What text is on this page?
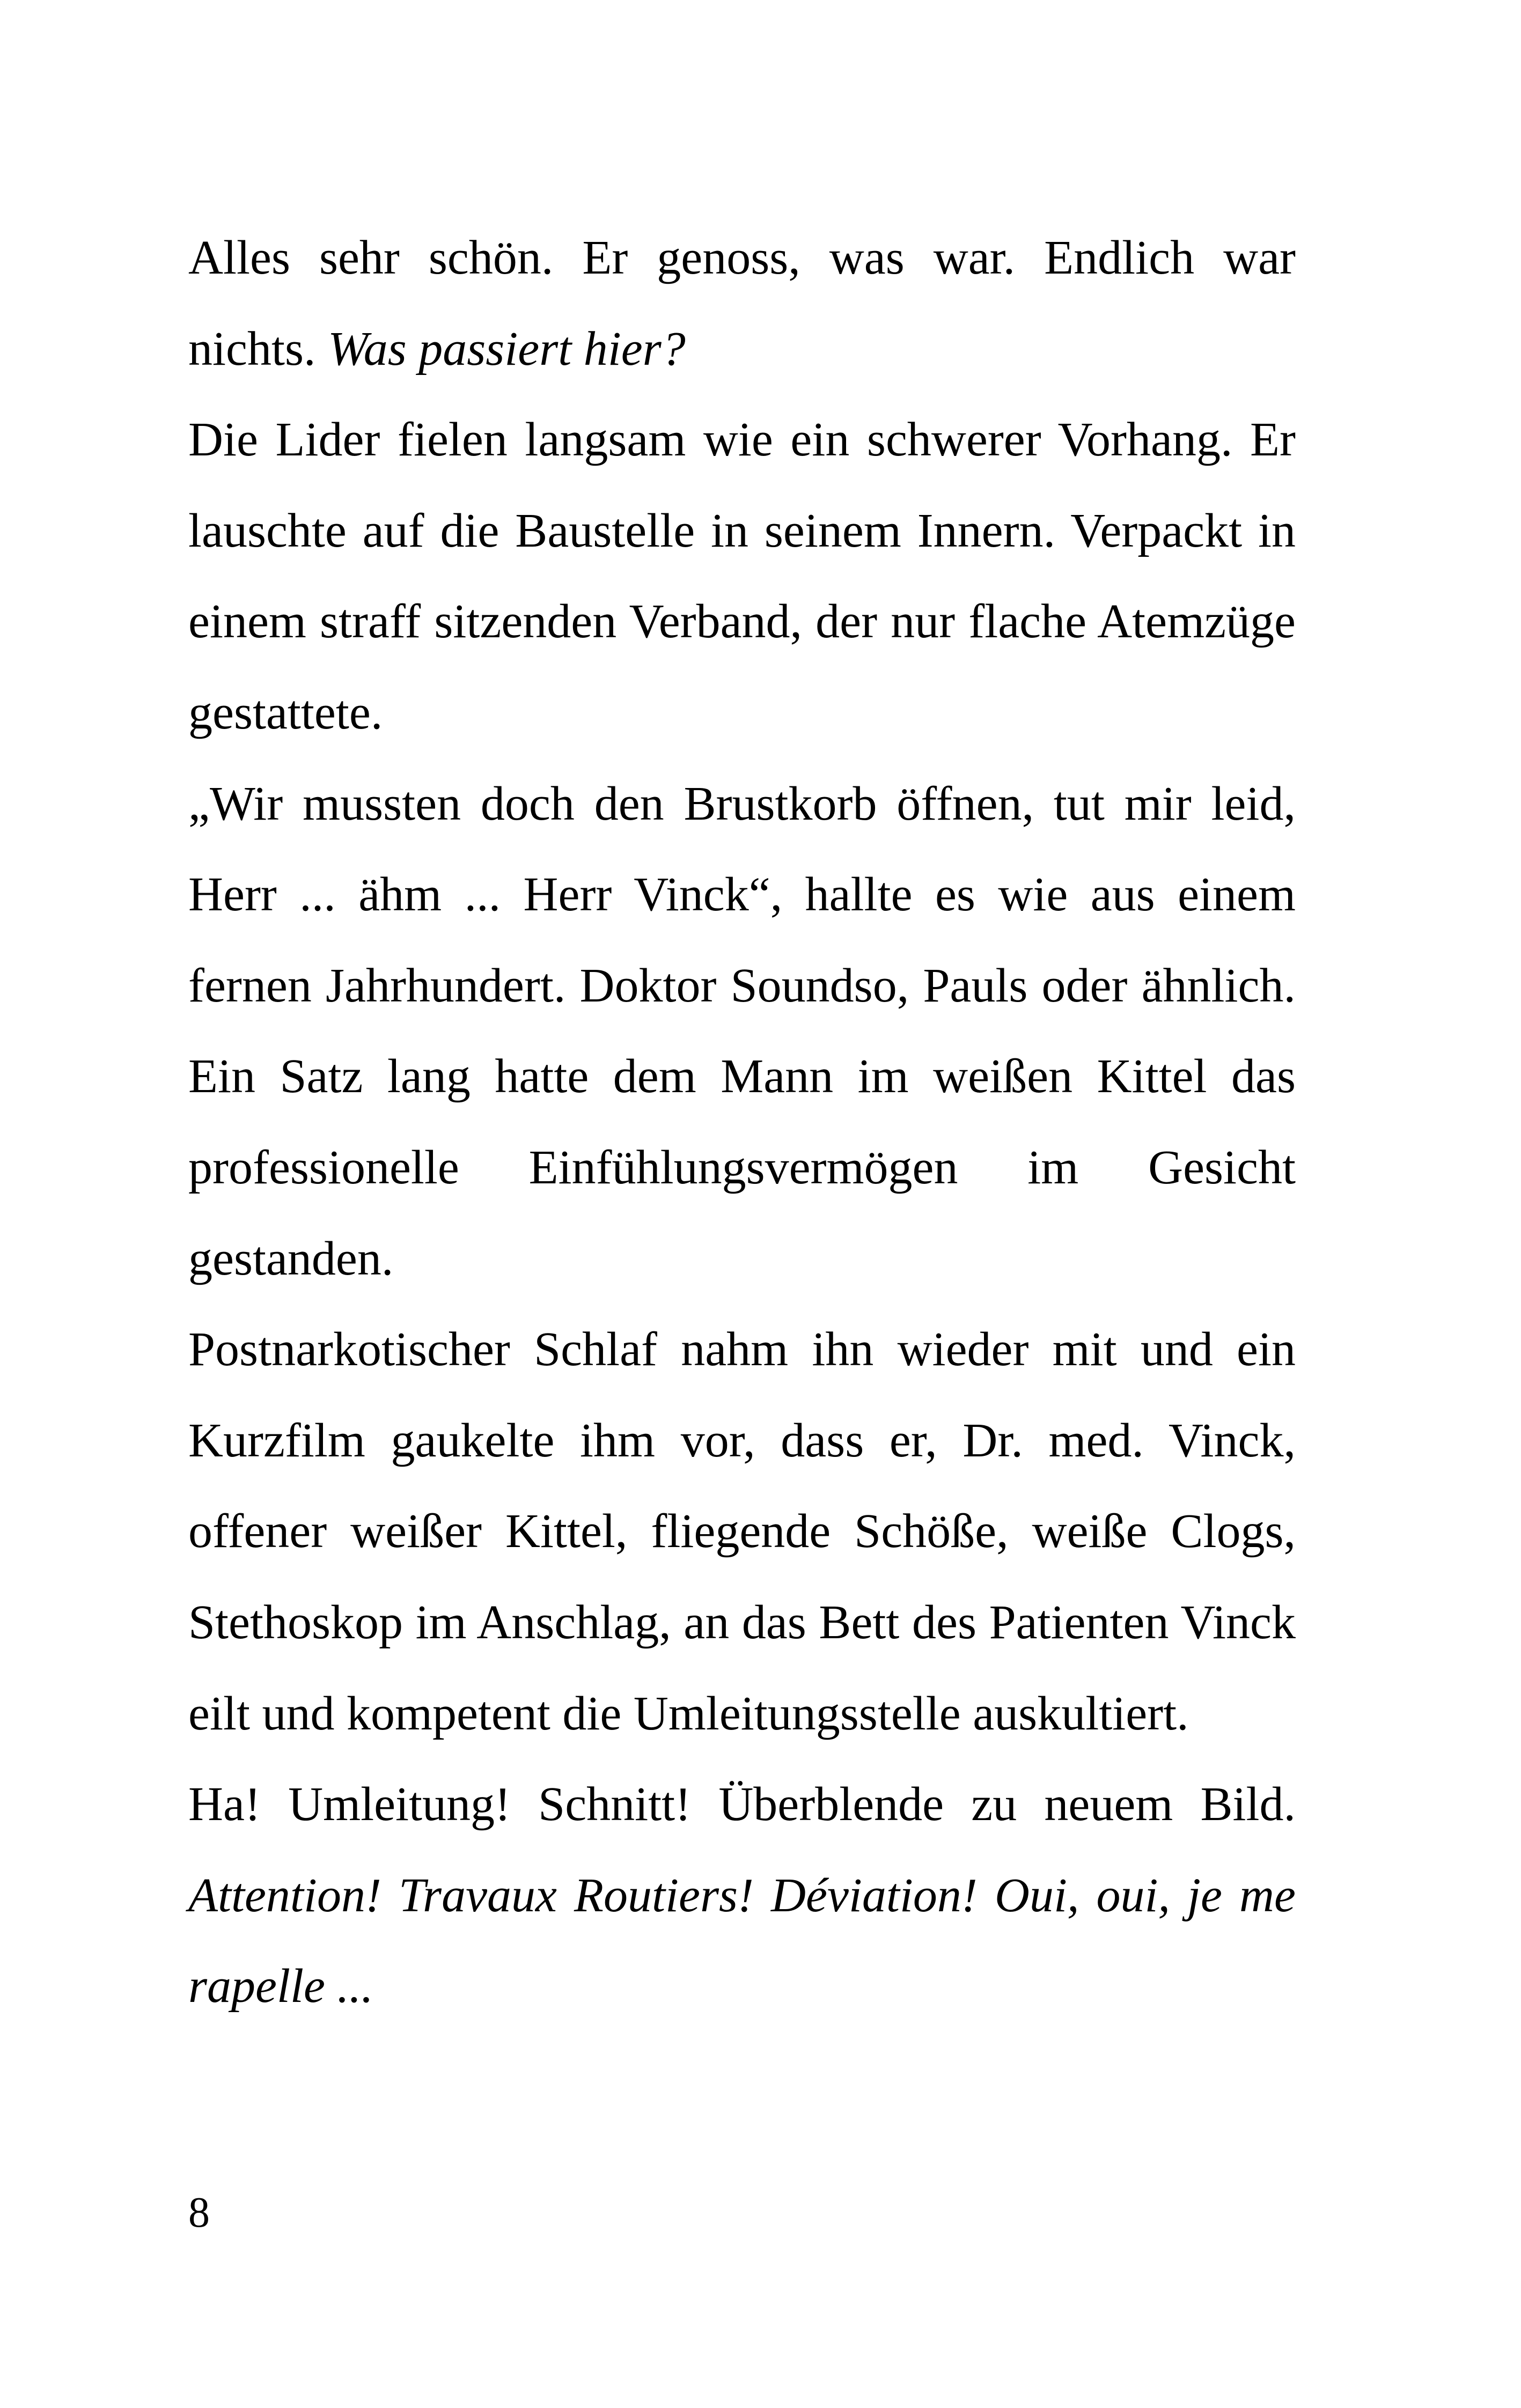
Alles sehr schön. Er genoss, was war. Endlich war nichts. Was passiert hier?

Die Lider fielen langsam wie ein schwerer Vorhang. Er lauschte auf die Baustelle in seinem Innern. Verpackt in einem straff sitzenden Verband, der nur flache Atemzüge gestattete.

„Wir mussten doch den Brustkorb öffnen, tut mir leid, Herr ... ähm ... Herr Vinck“, hallte es wie aus einem fernen Jahrhundert. Doktor Soundso, Pauls oder ähnlich. Ein Satz lang hatte dem Mann im weißen Kittel das professionelle Einfühlungsvermögen im Gesicht gestanden.

Postnarkotischer Schlaf nahm ihn wieder mit und ein Kurzfilm gaukelte ihm vor, dass er, Dr. med. Vinck, offener weißer Kittel, fliegende Schöße, weiße Clogs, Stethoskop im Anschlag, an das Bett des Patienten Vinck eilt und kompetent die Umleitungsstelle auskultiert.

Ha! Umleitung! Schnitt! Überblende zu neuem Bild.

Attention! Travaux Routiers! Déviation! Oui, oui, je me rapelle ...

8
